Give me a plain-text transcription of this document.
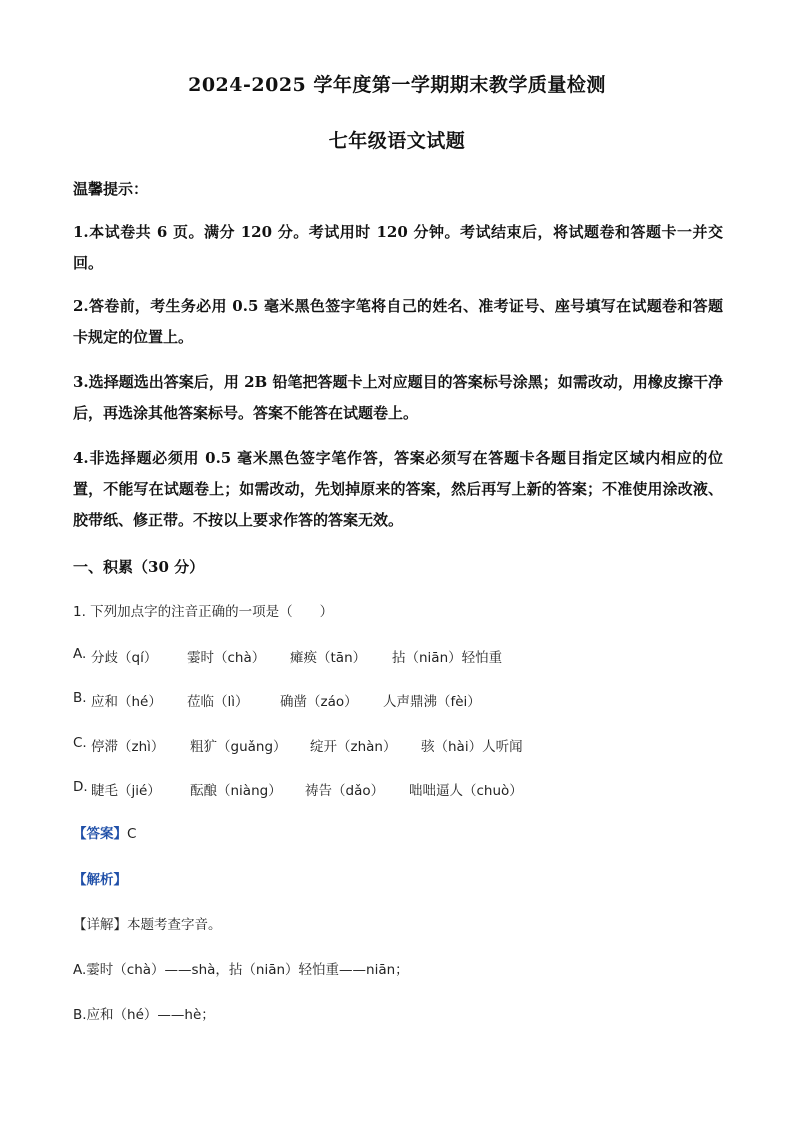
2024-2025 学年度第一学期期末教学质量检测
七年级语文试题
温馨提示：
1.本试卷共 6 页。满分 120 分。考试用时 120 分钟。考试结束后，将试题卷和答题卡一并交回。
2.答卷前，考生务必用 0.5 毫米黑色签字笔将自己的姓名、准考证号、座号填写在试题卷和答题卡规定的位置上。
3.选择题选出答案后，用 2B 铅笔把答题卡上对应题目的答案标号涂黑；如需改动，用橡皮擦干净后，再选涂其他答案标号。答案不能答在试题卷上。
4.非选择题必须用 0.5 毫米黑色签字笔作答，答案必须写在答题卡各题目指定区域内相应的位置，不能写在试题卷上；如需改动，先划掉原来的答案，然后再写上新的答案；不准使用涂改液、胶带纸、修正带。不按以上要求作答的答案无效。
一、积累（30 分）
1. 下列加点字的注音正确的一项是（　　）
A. 分歧（qí） 霎时（chà） 瘫痪（tān） 拈（niān）轻怕重
B. 应和（hé） 莅临（lì） 确凿（záo） 人声鼎沸（fèi）
C. 停滞（zhì） 粗犷（guǎng） 绽开（zhàn） 骇（hài）人听闻
D. 睫毛（jié） 酝酿（niàng） 祷告（dǎo） 咄咄逼人（chuò）
【答案】C
【解析】
【详解】本题考查字音。
A.霎时（chà）——shà，拈（niān）轻怕重——niān；
B.应和（hé）——hè；
